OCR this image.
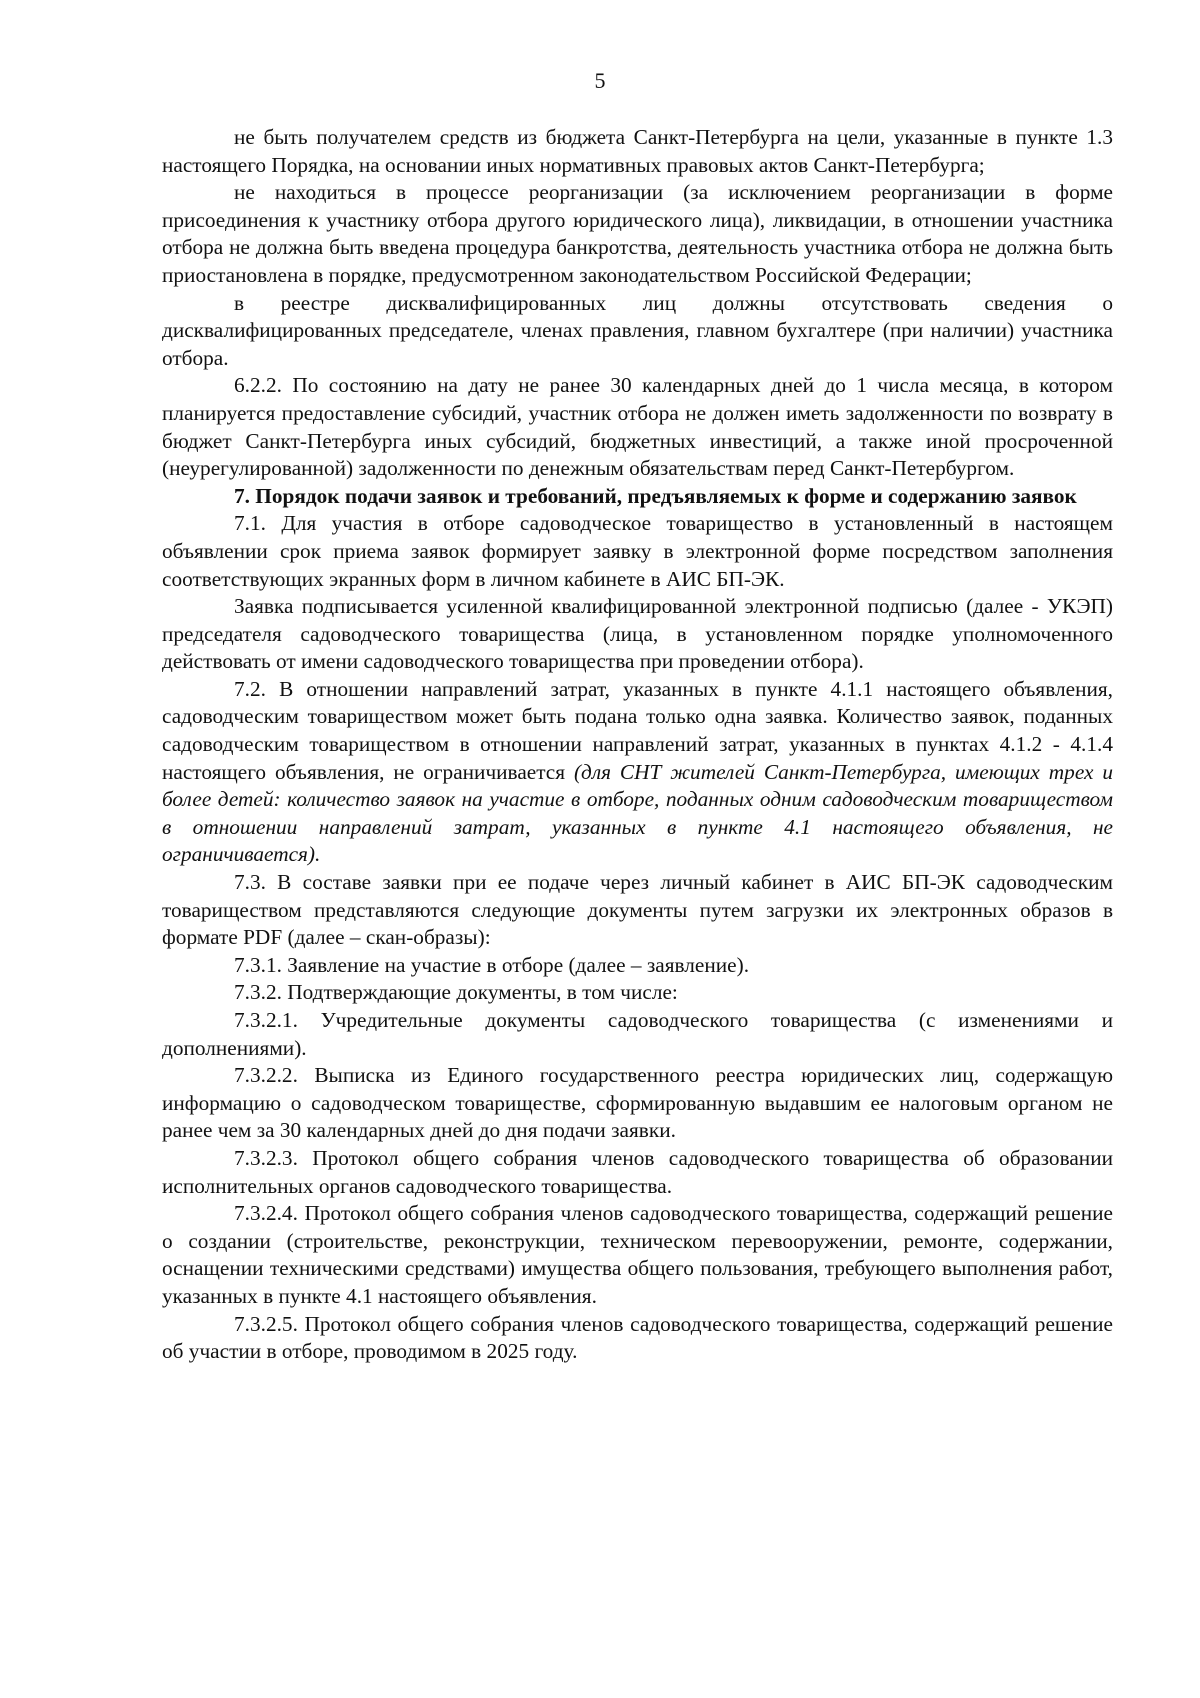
5

не быть получателем средств из бюджета Санкт-Петербурга на цели, указанные в пункте 1.3 настоящего Порядка, на основании иных нормативных правовых актов Санкт-Петербурга;

не находиться в процессе реорганизации (за исключением реорганизации в форме присоединения к участнику отбора другого юридического лица), ликвидации, в отношении участника отбора не должна быть введена процедура банкротства, деятельность участника отбора не должна быть приостановлена в порядке, предусмотренном законодательством Российской Федерации;

в реестре дисквалифицированных лиц должны отсутствовать сведения о дисквалифицированных председателе, членах правления, главном бухгалтере (при наличии) участника отбора.

6.2.2. По состоянию на дату не ранее 30 календарных дней до 1 числа месяца, в котором планируется предоставление субсидий, участник отбора не должен иметь задолженности по возврату в бюджет Санкт-Петербурга иных субсидий, бюджетных инвестиций, а также иной просроченной (неурегулированной) задолженности по денежным обязательствам перед Санкт-Петербургом.

7. Порядок подачи заявок и требований, предъявляемых к форме и содержанию заявок

7.1. Для участия в отборе садоводческое товарищество в установленный в настоящем объявлении срок приема заявок формирует заявку в электронной форме посредством заполнения соответствующих экранных форм в личном кабинете в АИС БП-ЭК.

Заявка подписывается усиленной квалифицированной электронной подписью (далее - УКЭП) председателя садоводческого товарищества (лица, в установленном порядке уполномоченного действовать от имени садоводческого товарищества при проведении отбора).

7.2. В отношении направлений затрат, указанных в пункте 4.1.1 настоящего объявления, садоводческим товариществом может быть подана только одна заявка. Количество заявок, поданных садоводческим товариществом в отношении направлений затрат, указанных в пунктах 4.1.2 - 4.1.4 настоящего объявления, не ограничивается (для СНТ жителей Санкт-Петербурга, имеющих трех и более детей: количество заявок на участие в отборе, поданных одним садоводческим товариществом в отношении направлений затрат, указанных в пункте 4.1 настоящего объявления, не ограничивается).

7.3. В составе заявки при ее подаче через личный кабинет в АИС БП-ЭК садоводческим товариществом представляются следующие документы путем загрузки их электронных образов в формате PDF (далее – скан-образы):

7.3.1. Заявление на участие в отборе (далее – заявление).

7.3.2. Подтверждающие документы, в том числе:

7.3.2.1. Учредительные документы садоводческого товарищества (с изменениями и дополнениями).

7.3.2.2. Выписка из Единого государственного реестра юридических лиц, содержащую информацию о садоводческом товариществе, сформированную выдавшим ее налоговым органом не ранее чем за 30 календарных дней до дня подачи заявки.

7.3.2.3. Протокол общего собрания членов садоводческого товарищества об образовании исполнительных органов садоводческого товарищества.

7.3.2.4. Протокол общего собрания членов садоводческого товарищества, содержащий решение о создании (строительстве, реконструкции, техническом перевооружении, ремонте, содержании, оснащении техническими средствами) имущества общего пользования, требующего выполнения работ, указанных в пункте 4.1 настоящего объявления.

7.3.2.5. Протокол общего собрания членов садоводческого товарищества, содержащий решение об участии в отборе, проводимом в 2025 году.
